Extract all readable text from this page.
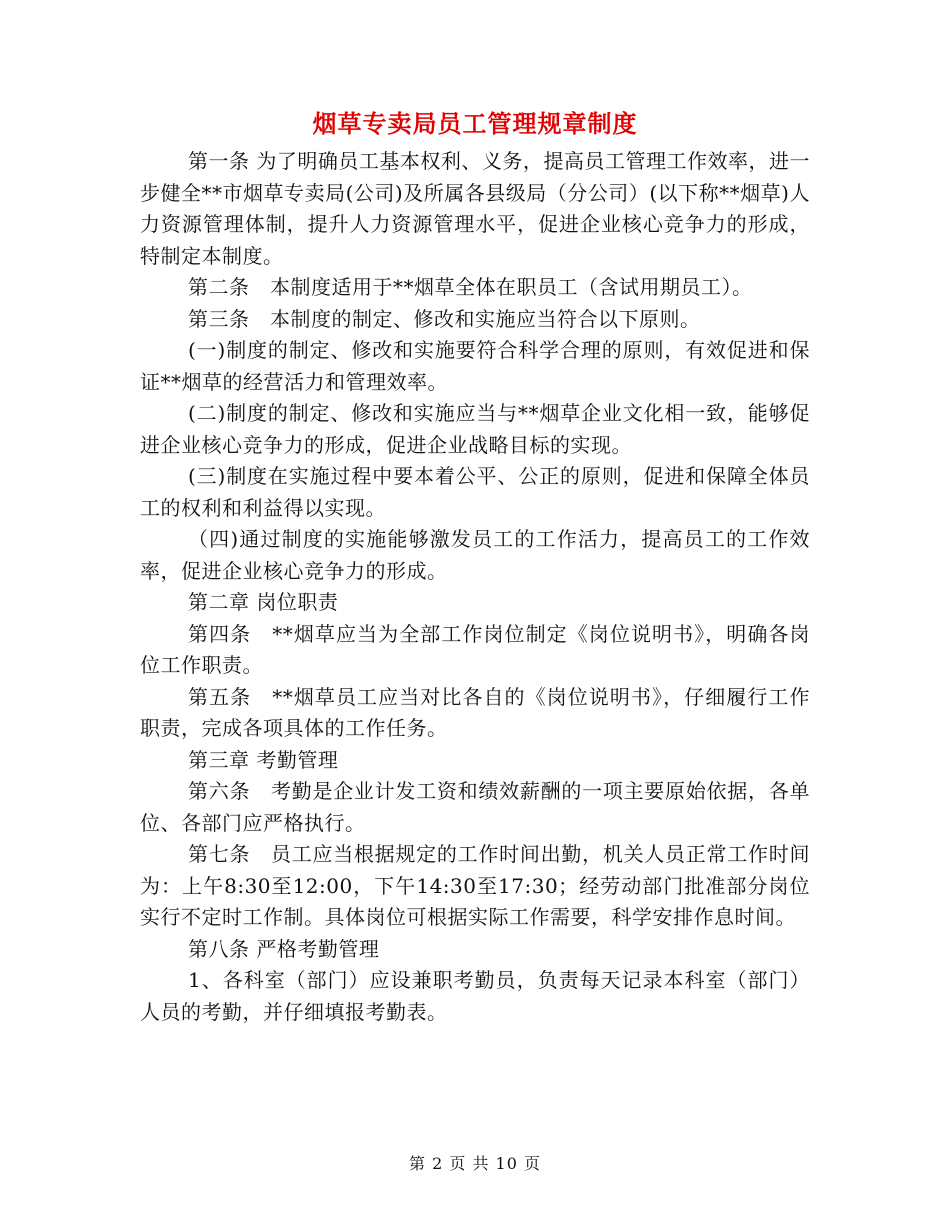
烟草专卖局员工管理规章制度

第一条 为了明确员工基本权利、义务，提高员工管理工作效率，进一步健全**市烟草专卖局(公司)及所属各县级局（分公司）(以下称**烟草)人力资源管理体制，提升人力资源管理水平，促进企业核心竞争力的形成，特制定本制度。

第二条　本制度适用于**烟草全体在职员工（含试用期员工）。

第三条　本制度的制定、修改和实施应当符合以下原则。

(一)制度的制定、修改和实施要符合科学合理的原则，有效促进和保证**烟草的经营活力和管理效率。

(二)制度的制定、修改和实施应当与**烟草企业文化相一致，能够促进企业核心竞争力的形成，促进企业战略目标的实现。

(三)制度在实施过程中要本着公平、公正的原则，促进和保障全体员工的权利和利益得以实现。

（四)通过制度的实施能够激发员工的工作活力，提高员工的工作效率，促进企业核心竞争力的形成。

第二章 岗位职责

第四条　**烟草应当为全部工作岗位制定《岗位说明书》，明确各岗位工作职责。

第五条　**烟草员工应当对比各自的《岗位说明书》，仔细履行工作职责，完成各项具体的工作任务。

第三章 考勤管理

第六条　考勤是企业计发工资和绩效薪酬的一项主要原始依据，各单位、各部门应严格执行。

第七条　员工应当根据规定的工作时间出勤，机关人员正常工作时间为：上午8:30至12:00，下午14:30至17:30；经劳动部门批准部分岗位实行不定时工作制。具体岗位可根据实际工作需要，科学安排作息时间。

第八条 严格考勤管理

1、各科室（部门）应设兼职考勤员，负责每天记录本科室（部门）人员的考勤，并仔细填报考勤表。

第 2 页 共 10 页
